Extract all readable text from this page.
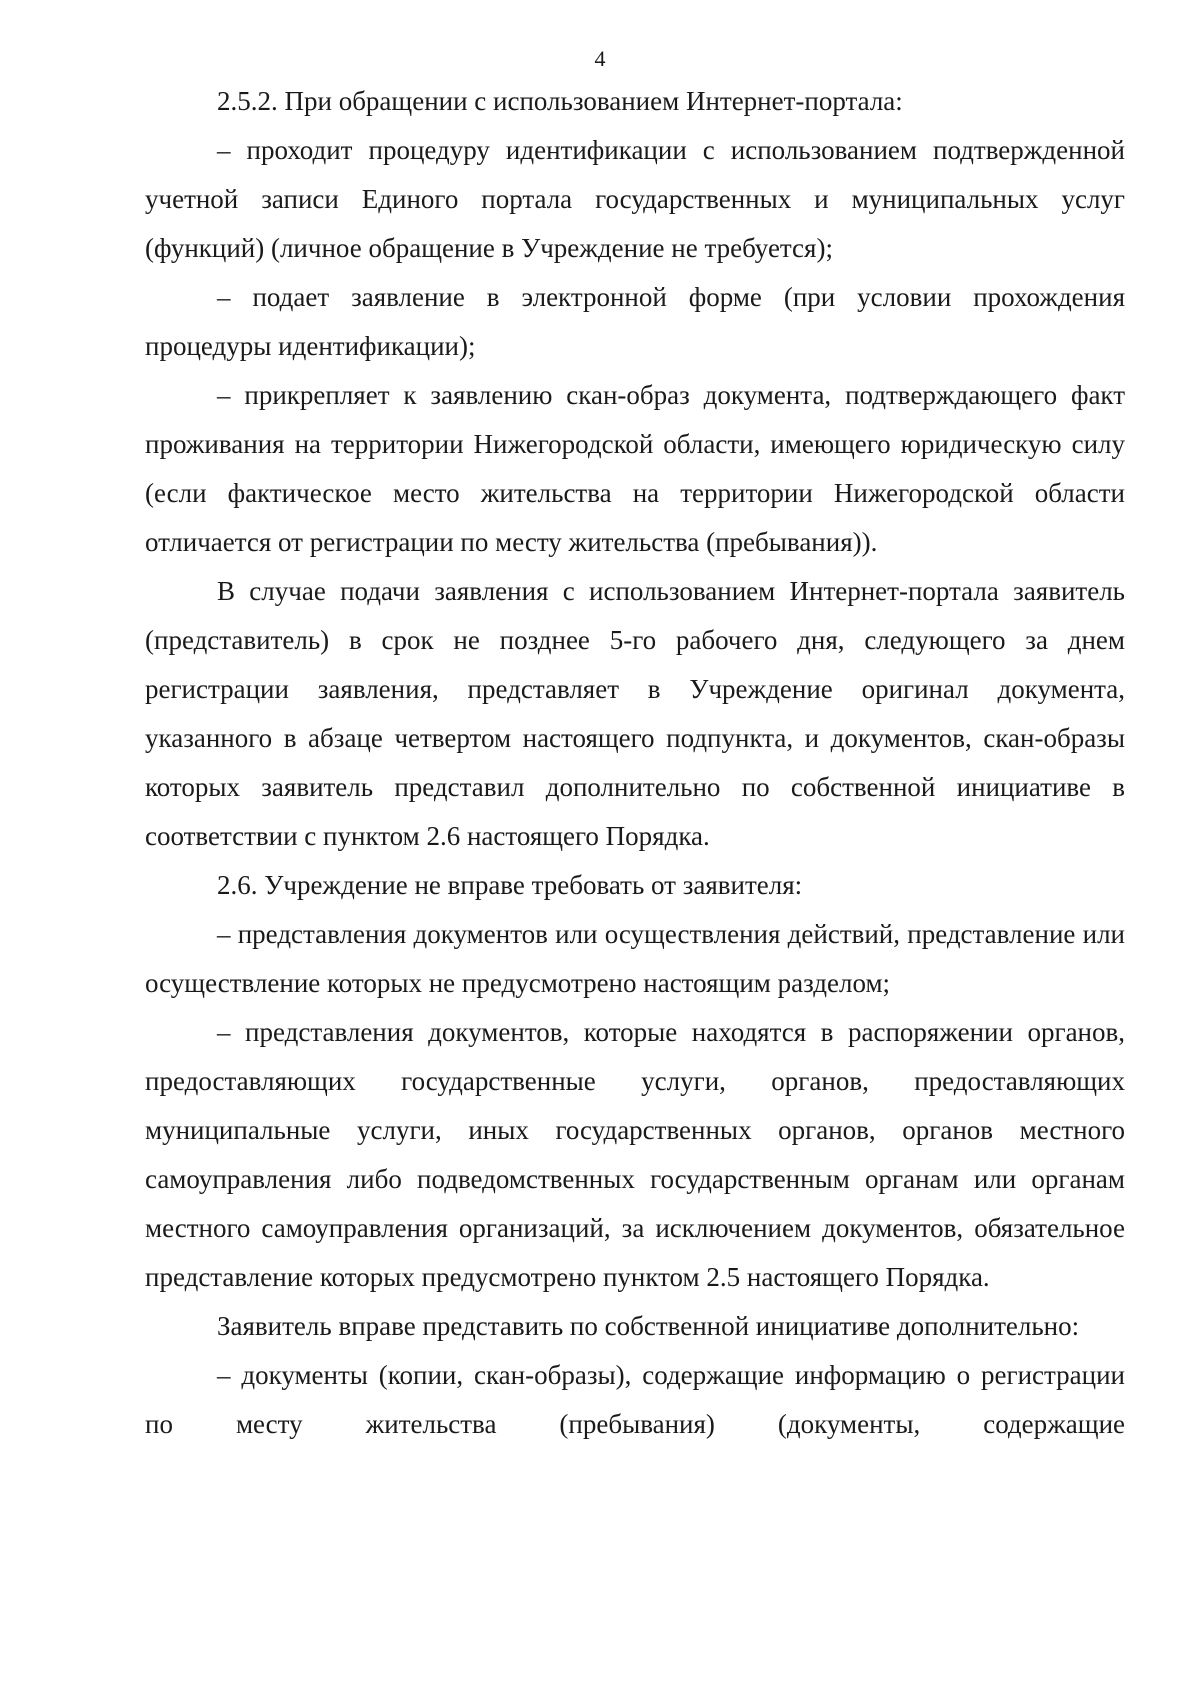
4

2.5.2. При обращении с использованием Интернет-портала:

– проходит процедуру идентификации с использованием подтвержденной учетной записи Единого портала государственных и муниципальных услуг (функций) (личное обращение в Учреждение не требуется);

– подает заявление в электронной форме (при условии прохождения процедуры идентификации);

– прикрепляет к заявлению скан-образ документа, подтверждающего факт проживания на территории Нижегородской области, имеющего юридическую силу (если фактическое место жительства на территории Нижегородской области отличается от регистрации по месту жительства (пребывания)).

В случае подачи заявления с использованием Интернет-портала заявитель (представитель) в срок не позднее 5-го рабочего дня, следующего за днем регистрации заявления, представляет в Учреждение оригинал документа, указанного в абзаце четвертом настоящего подпункта, и документов, скан-образы которых заявитель представил дополнительно по собственной инициативе в соответствии с пунктом 2.6 настоящего Порядка.

2.6. Учреждение не вправе требовать от заявителя:

– представления документов или осуществления действий, представление или осуществление которых не предусмотрено настоящим разделом;

– представления документов, которые находятся в распоряжении органов, предоставляющих государственные услуги, органов, предоставляющих муниципальные услуги, иных государственных органов, органов местного самоуправления либо подведомственных государственным органам или органам местного самоуправления организаций, за исключением документов, обязательное представление которых предусмотрено пунктом 2.5 настоящего Порядка.

Заявитель вправе представить по собственной инициативе дополнительно:

– документы (копии, скан-образы), содержащие информацию о регистрации по месту жительства (пребывания) (документы, содержащие
